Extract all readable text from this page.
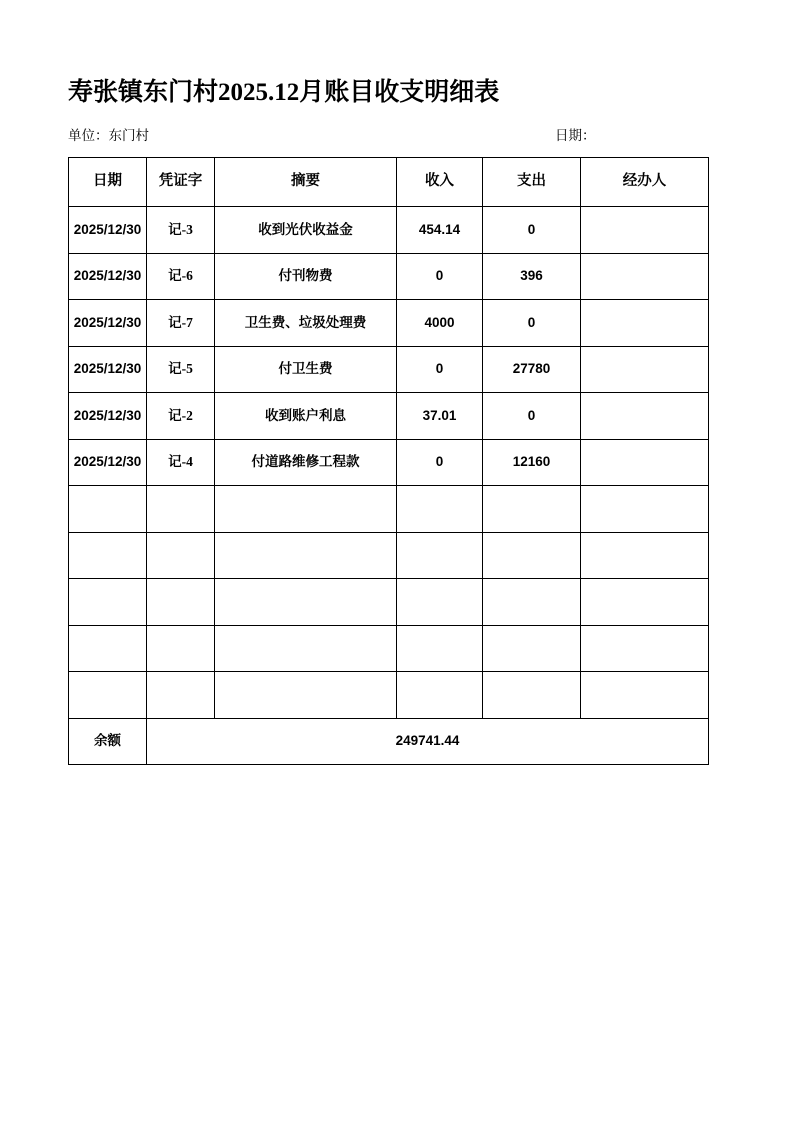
寿张镇东门村2025.12月账目收支明细表
单位：东门村	日期：
日期	凭证字	摘要	收入	支出	经办人
2025/12/30	记-3	收到光伏收益金	454.14	0	
2025/12/30	记-6	付刊物费	0	396	
2025/12/30	记-7	卫生费、垃圾处理费	4000	0	
2025/12/30	记-5	付卫生费	0	27780	
2025/12/30	记-2	收到账户利息	37.01	0	
2025/12/30	记-4	付道路维修工程款	0	12160	

余额	249741.44				
